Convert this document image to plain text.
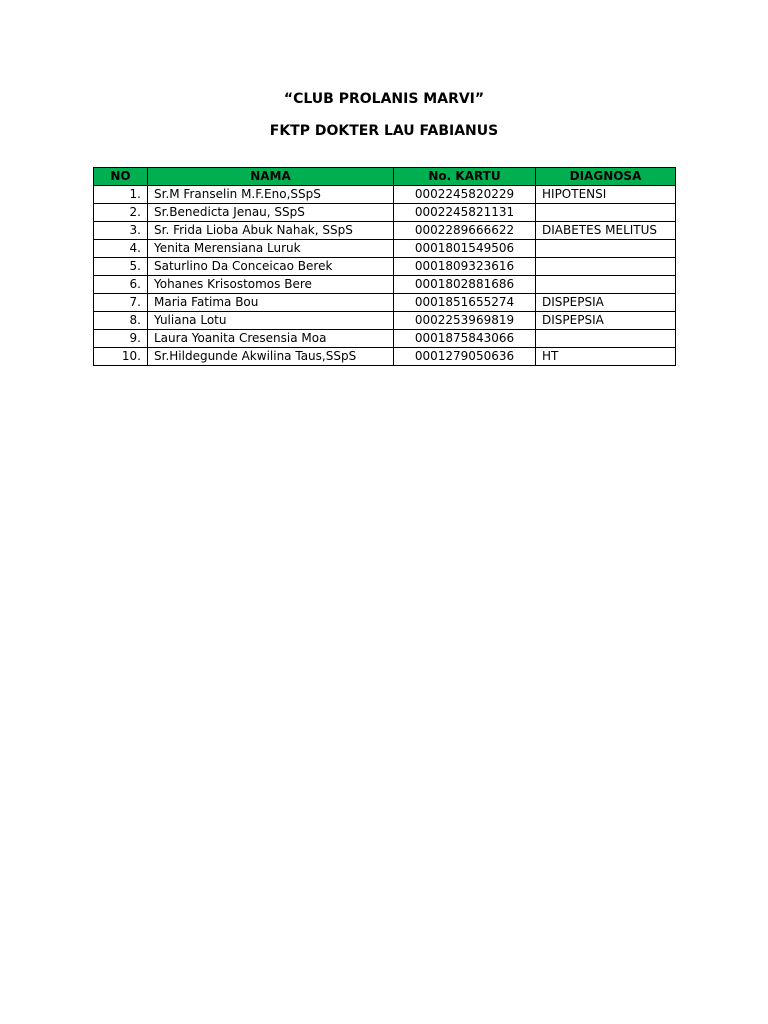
“CLUB PROLANIS MARVI”
FKTP DOKTER LAU FABIANUS
NO	NAMA	No. KARTU	DIAGNOSA
1.	Sr.M Franselin M.F.Eno,SSpS	0002245820229	HIPOTENSI
2.	Sr.Benedicta Jenau, SSpS	0002245821131	
3.	Sr. Frida Lioba Abuk Nahak, SSpS	0002289666622	DIABETES MELITUS
4.	Yenita Merensiana Luruk	0001801549506	
5.	Saturlino Da Conceicao Berek	0001809323616	
6.	Yohanes Krisostomos Bere	0001802881686	
7.	Maria Fatima Bou	0001851655274	DISPEPSIA
8.	Yuliana Lotu	0002253969819	DISPEPSIA
9.	Laura Yoanita Cresensia Moa	0001875843066	
10.	Sr.Hildegunde Akwilina Taus,SSpS	0001279050636	HT
